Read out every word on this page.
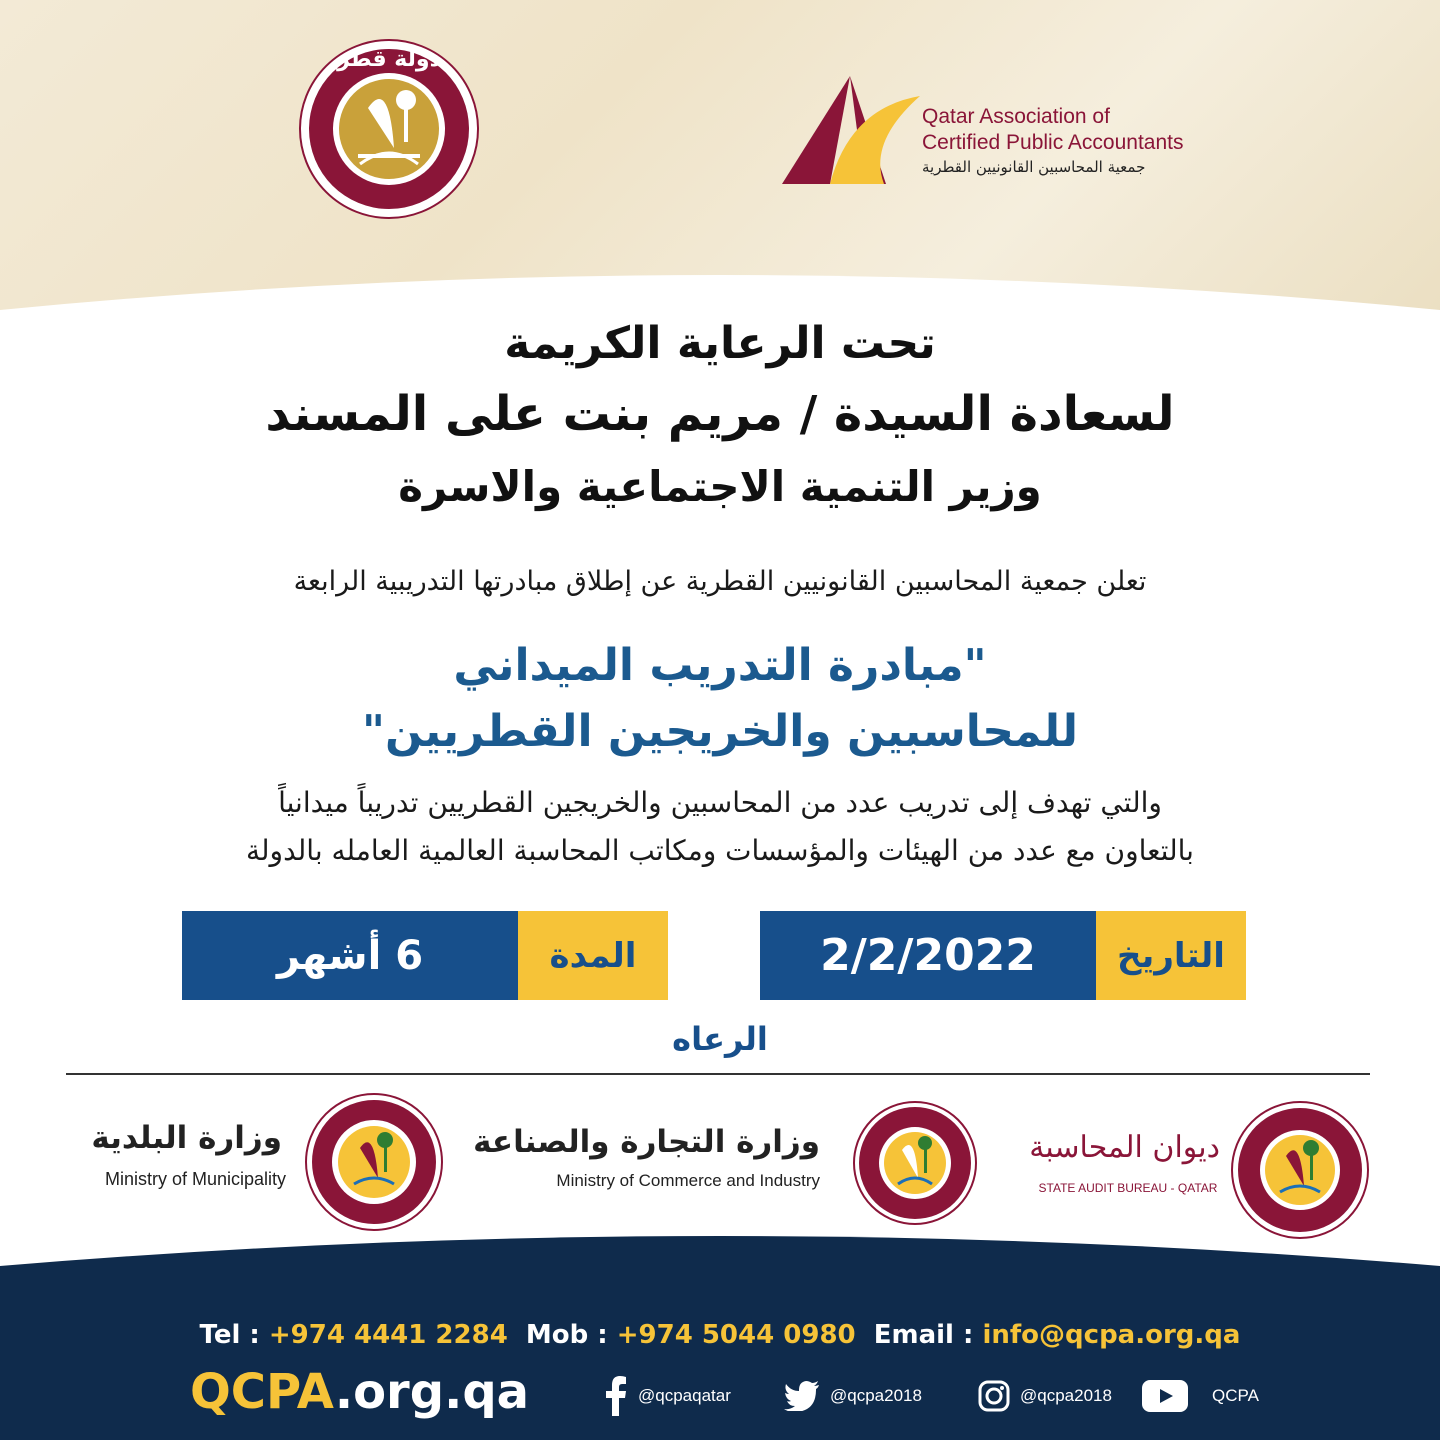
دولة قطر
Qatar Association of
Certified Public Accountants
جمعية المحاسبين القانونيين القطرية
تحت الرعاية الكريمة
لسعادة السيدة / مريم بنت على المسند
وزير التنمية الاجتماعية والاسرة
تعلن جمعية المحاسبين القانونيين القطرية عن إطلاق مبادرتها التدريبية الرابعة
"مبادرة التدريب الميداني
للمحاسبين والخريجين القطريين"
والتي تهدف إلى تدريب عدد من المحاسبين والخريجين القطريين تدريباً ميدانياً
بالتعاون مع عدد من الهيئات والمؤسسات ومكاتب المحاسبة العالمية العامله بالدولة
6 أشهر	المدة	2/2/2022	التاريخ
الرعاه
ديوان المحاسبة
STATE AUDIT BUREAU - QATAR
وزارة التجارة والصناعة
Ministry of Commerce and Industry
وزارة البلدية
Ministry of Municipality
Tel : +974 4441 2284  Mob : +974 5044 0980  Email : info@qcpa.org.qa
QCPA.org.qa	@qcpaqatar	@qcpa2018	@qcpa2018	QCPA
